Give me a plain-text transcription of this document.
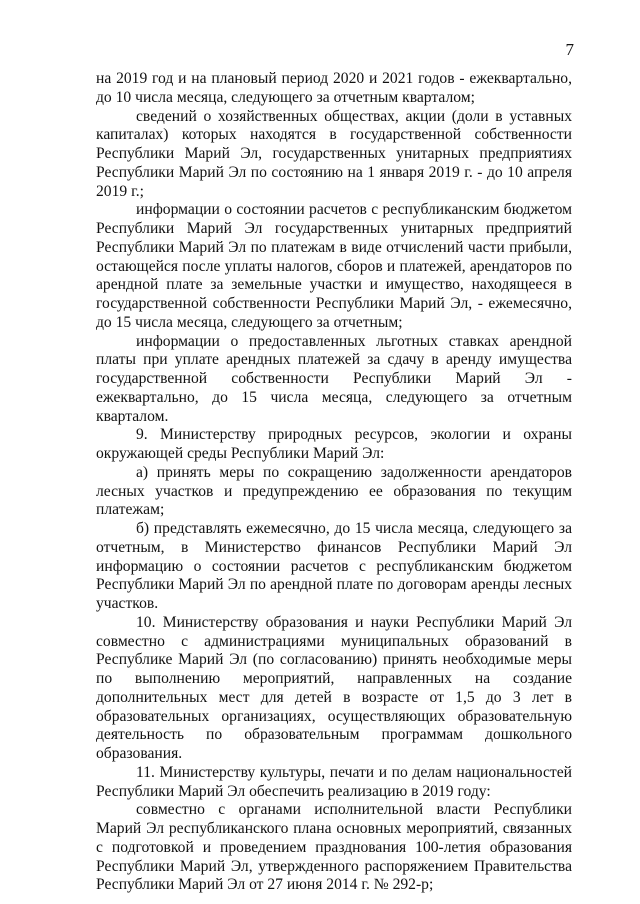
7

на 2019 год и на плановый период 2020 и 2021 годов - ежеквартально, до 10 числа месяца, следующего за отчетным кварталом;

сведений о хозяйственных обществах, акции (доли в уставных капиталах) которых находятся в государственной собственности Республики Марий Эл, государственных унитарных предприятиях Республики Марий Эл по состоянию на 1 января 2019 г. - до 10 апреля 2019 г.;

информации о состоянии расчетов с республиканским бюджетом Республики Марий Эл государственных унитарных предприятий Республики Марий Эл по платежам в виде отчислений части прибыли, остающейся после уплаты налогов, сборов и платежей, арендаторов по арендной плате за земельные участки и имущество, находящееся в государственной собственности Республики Марий Эл, - ежемесячно, до 15 числа месяца, следующего за отчетным;

информации о предоставленных льготных ставках арендной платы при уплате арендных платежей за сдачу в аренду имущества государственной собственности Республики Марий Эл - ежеквартально, до 15 числа месяца, следующего за отчетным кварталом.

9. Министерству природных ресурсов, экологии и охраны окружающей среды Республики Марий Эл:

а) принять меры по сокращению задолженности арендаторов лесных участков и предупреждению ее образования по текущим платежам;

б) представлять ежемесячно, до 15 числа месяца, следующего за отчетным, в Министерство финансов Республики Марий Эл информацию о состоянии расчетов с республиканским бюджетом Республики Марий Эл по арендной плате по договорам аренды лесных участков.

10. Министерству образования и науки Республики Марий Эл совместно с администрациями муниципальных образований в Республике Марий Эл (по согласованию) принять необходимые меры по выполнению мероприятий, направленных на создание дополнительных мест для детей в возрасте от 1,5 до 3 лет в образовательных организациях, осуществляющих образовательную деятельность по образовательным программам дошкольного образования.

11. Министерству культуры, печати и по делам национальностей Республики Марий Эл обеспечить реализацию в 2019 году:

совместно с органами исполнительной власти Республики Марий Эл республиканского плана основных мероприятий, связанных с подготовкой и проведением празднования 100-летия образования Республики Марий Эл, утвержденного распоряжением Правительства Республики Марий Эл от 27 июня 2014 г. № 292-р;
